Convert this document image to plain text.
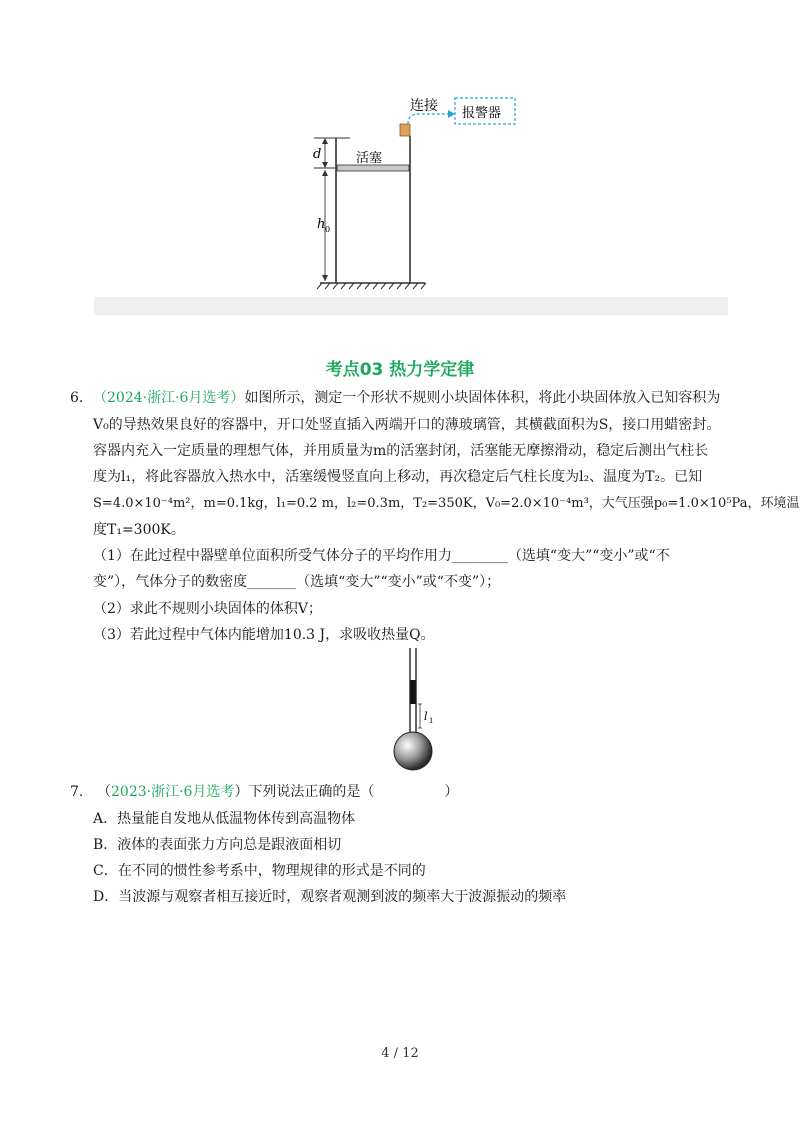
连接 报警器
活塞
d
h 0
考点03 热力学定律
6. （2024·浙江·6月选考）如图所示，测定一个形状不规则小块固体体积，将此小块固体放入已知容积为
V₀的导热效果良好的容器中，开口处竖直插入两端开口的薄玻璃管，其横截面积为S，接口用蜡密封。
容器内充入一定质量的理想气体，并用质量为m的活塞封闭，活塞能无摩擦滑动，稳定后测出气柱长
度为l₁，将此容器放入热水中，活塞缓慢竖直向上移动，再次稳定后气柱长度为l₂、温度为T₂。已知
S=4.0×10⁻⁴m²，m=0.1kg，l₁=0.2 m，l₂=0.3m，T₂=350K，V₀=2.0×10⁻⁴m³，大气压强p₀=1.0×10⁵Pa，环境温
度T₁=300K。
（1）在此过程中器壁单位面积所受气体分子的平均作用力________（选填“变大”“变小”或“不
变”），气体分子的数密度_______（选填“变大”“变小”或“不变”）；
（2）求此不规则小块固体的体积V；
（3）若此过程中气体内能增加10.3 J，求吸收热量Q。
l 1
7. （2023·浙江·6月选考）下列说法正确的是（　　　　　）
A．热量能自发地从低温物体传到高温物体
B．液体的表面张力方向总是跟液面相切
C．在不同的惯性参考系中，物理规律的形式是不同的
D．当波源与观察者相互接近时，观察者观测到波的频率大于波源振动的频率
4 / 12
